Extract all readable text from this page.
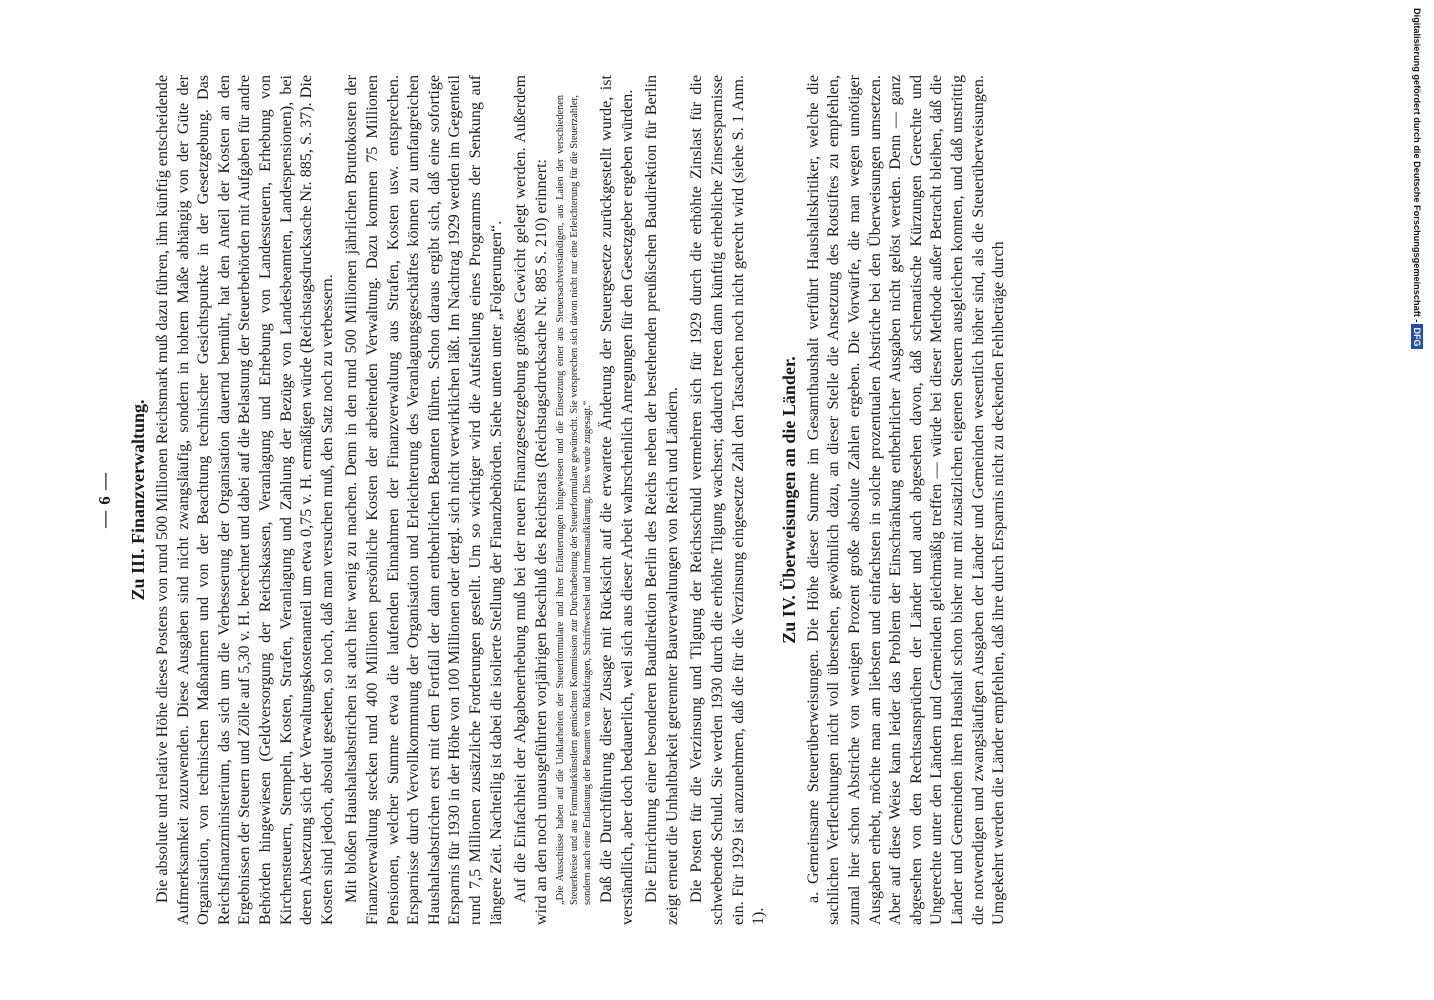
— 6 — Zu III. Finanzverwaltung. Die absolute und relative Höhe dieses Postens von rund 500 Millionen Reichsmark muß dazu führen, ihm künftig entscheidende Aufmerksamkeit zuzuwenden. Diese Ausgaben sind nicht zwangsläufig, sondern in hohem Maße abhängig von der Güte der Organisation, von technischen Maßnahmen und von der Beachtung technischer Gesichtspunkte in der Gesetzgebung. Das Reichsfinanzministerium, das sich um die Verbesserung der Organisation dauernd bemüht, hat den Anteil der Kosten an den Ergebnissen der Steuern und Zölle auf 5,30 v. H. berechnet und dabei auf die Belastung der Steuerbehörden mit Aufgaben für andre Behörden hingewiesen (Geldversorgung der Reichskassen, Veranlagung und Erhebung von Landessteuern, Erhebung von Kirchensteuern, Stempeln, Kosten, Strafen, Veranlagung und Zahlung der Bezüge von Landesbeamten, Landespensionen), bei deren Absetzung sich der Verwaltungskostenanteil um etwa 0,75 v. H. ermäßigen würde (Reichstagsdrucksache Nr. 885, S. 37). Die Kosten sind jedoch, absolut gesehen, so hoch, daß man versuchen muß, den Satz noch zu verbessern. Mit bloßen Haushaltsabstrichen ist auch hier wenig zu machen. Denn in den rund 500 Millionen jährlichen Bruttokosten der Finanzverwaltung stecken rund 400 Millionen persönliche Kosten der arbeitenden Verwaltung. Dazu kommen 75 Millionen Pensionen, welcher Summe etwa die laufenden Einnahmen der Finanzverwaltung aus Strafen, Kosten usw. entsprechen. Ersparnisse durch Vervollkommnung der Organisation und Erleichterung des Veranlagungsgeschäftes können zu umfangreichen Haushaltsabstrichen erst mit dem Fortfall der dann entbehrlichen Beamten führen. Schon daraus ergibt sich, daß eine sofortige Ersparnis für 1930 in der Höhe von 100 Millionen oder dergl. sich nicht verwirklichen läßt. Im Nachtrag 1929 werden im Gegenteil rund 7,5 Millionen zusätzliche Forderungen gestellt. Um so wichtiger wird die Aufstellung eines Programms der Senkung auf längere Zeit. Nachteilig ist dabei die isolierte Stellung der Finanzbehörden. Siehe unten unter „Folgerungen“. Auf die Einfachheit der Abgabenerhebung muß bei der neuen Finanzgesetzgebung größtes Gewicht gelegt werden. Außerdem wird an den noch unausgeführten vorjährigen Beschluß des Reichsrats (Reichstagsdrucksache Nr. 885 S. 210) erinnert: „Die Ausschüsse haben auf die Unklarheiten der Steuerformulare und ihrer Erläuterungen hingewiesen und die Einsetzung einer aus Steuersachverständigen, aus Laien der verschiedenen Steuerkreise und aus Formularkünstlern gemischten Kommission zur Durcharbeitung der Steuerformulare gewünscht. Sie versprechen sich davon nicht nur eine Erleichterung für die Steuerzahler, sondern auch eine Entlastung der Beamten von Rückfragen, Schriftwechsel und Irrtumsaufklärung. Dies wurde zugesagt.“ Daß die Durchführung dieser Zusage mit Rücksicht auf die erwartete Änderung der Steuergesetze zurückgestellt wurde, ist verständlich, aber doch bedauerlich, weil sich aus dieser Arbeit wahrscheinlich Anregungen für den Gesetzgeber ergeben würden. Die Einrichtung einer besonderen Baudirektion Berlin des Reichs neben der bestehenden preußischen Baudirektion für Berlin zeigt erneut die Unhaltbarkeit getrennter Bauverwaltungen von Reich und Ländern. Die Posten für die Verzinsung und Tilgung der Reichsschuld vermehren sich für 1929 durch die erhöhte Zinslast für die schwebende Schuld. Sie werden 1930 durch die erhöhte Tilgung wachsen; dadurch treten dann künftig erhebliche Zinsersparnisse ein. Für 1929 ist anzunehmen, daß die für die Verzinsung eingesetzte Zahl den Tatsachen noch nicht gerecht wird (siehe S. 1 Anm. 1).

Zu IV. Überweisungen an die Länder. a. Gemeinsame Steuerüberweisungen. Die Höhe dieser Summe im Gesamthaushalt verführt Haushaltskritiker, welche die sachlichen Verflechtungen nicht voll übersehen, gewöhnlich dazu, an dieser Stelle die Ansetzung des Rotstiftes zu empfehlen, zumal hier schon Abstriche von wenigen Prozent große absolute Zahlen ergeben. Die Vorwürfe, die man wegen unnötiger Ausgaben erhebt, möchte man am liebsten und einfachsten in solche prozentualen Abstriche bei den Überweisungen umsetzen. Aber auf diese Weise kann leider das Problem der Einschränkung entbehrlicher Ausgaben nicht gelöst werden. Denn — ganz abgesehen von den Rechtsansprüchen der Länder und auch abgesehen davon, daß schematische Kürzungen Gerechte und Ungerechte unter den Ländern und Gemeinden gleichmäßig treffen — würde bei dieser Methode außer Betracht bleiben, daß die Länder und Gemeinden ihren Haushalt schon bisher nur mit zusätzlichen eigenen Steuern ausgleichen konnten, und daß unstrittig die notwendigen und zwangsläufigen Ausgaben der Länder und Gemeinden wesentlich höher sind, als die Steuerüberweisungen. Umgekehrt werden die Länder empfehlen, daß ihre durch Ersparnis nicht zu deckenden Fehlbeträge durch

Digitalisierung gefördert durch die Deutsche Forschungsgemeinschaft -
DFG
